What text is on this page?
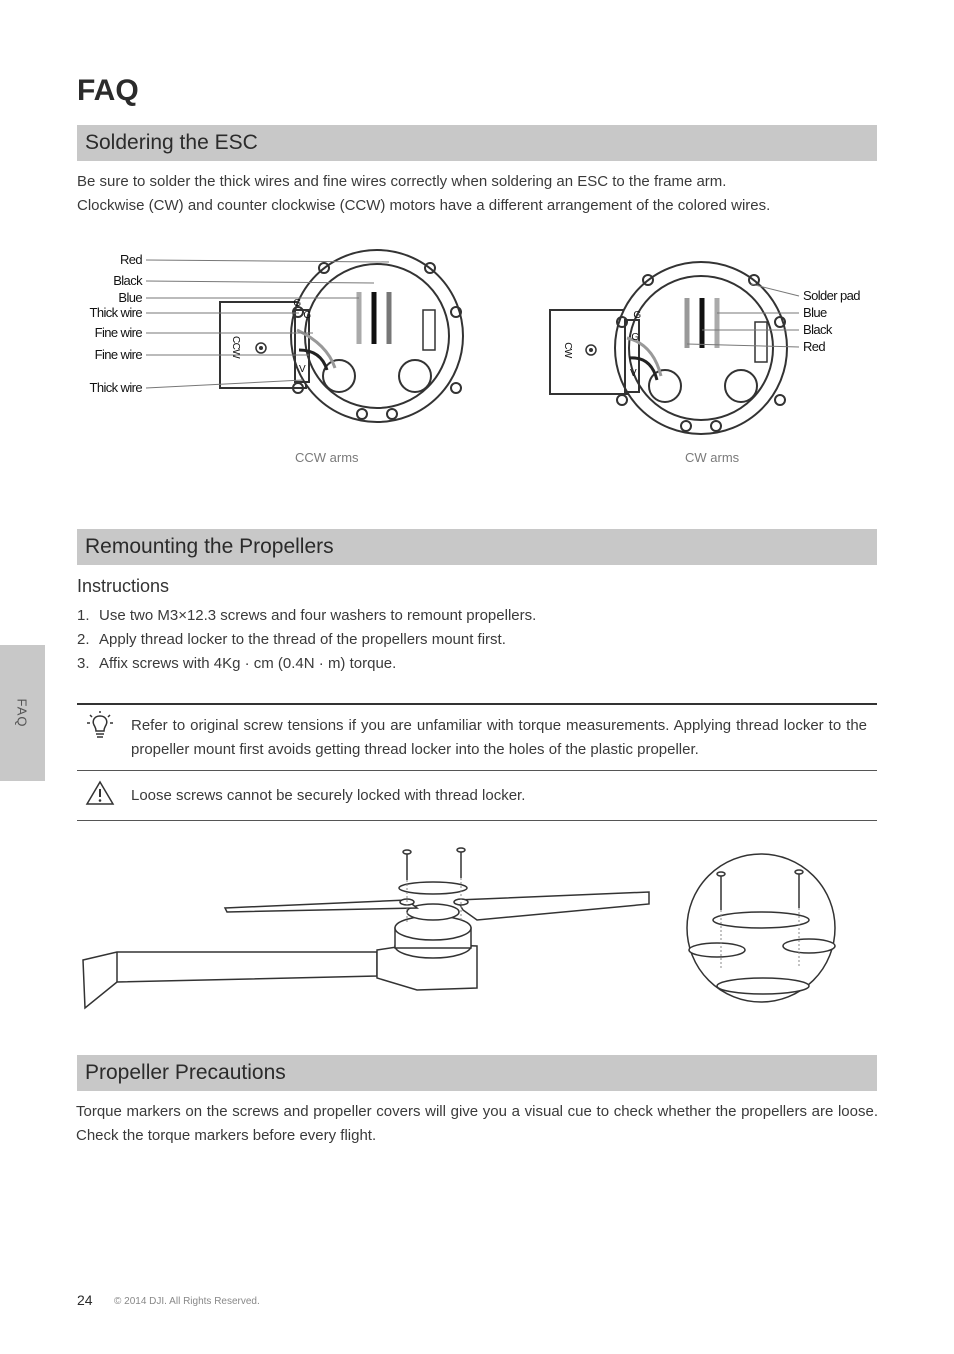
FAQ
FAQ
Soldering the ESC

Be sure to solder the thick wires and fine wires correctly when soldering an ESC to the frame arm.

Clockwise (CW) and counter clockwise (CCW) motors have a different arrangement of the colored wires.

G
G
V
CCW
Red
Black
Blue
Thick wire
Fine wire
Fine wire
Thick wire
G
G
V
CW
Solder pad
Blue
Black
Red
CCW arms	CW arms
Remounting the Propellers
Instructions
1. Use two M3×12.3 screws and four washers to remount propellers.
2. Apply thread locker to the thread of the propellers mount first.
3. Affix screws with 4Kg · cm (0.4N · m) torque.
Refer to original screw tensions if you are unfamiliar with torque measurements. Applying thread locker to the propeller mount first avoids getting thread locker into the holes of the plastic propeller.
Loose screws cannot be securely locked with thread locker.
Propeller Precautions

Torque markers on the screws and propeller covers will give you a visual cue to check whether the propellers are loose. Check the torque markers before every flight.

24 © 2014 DJI. All Rights Reserved.
